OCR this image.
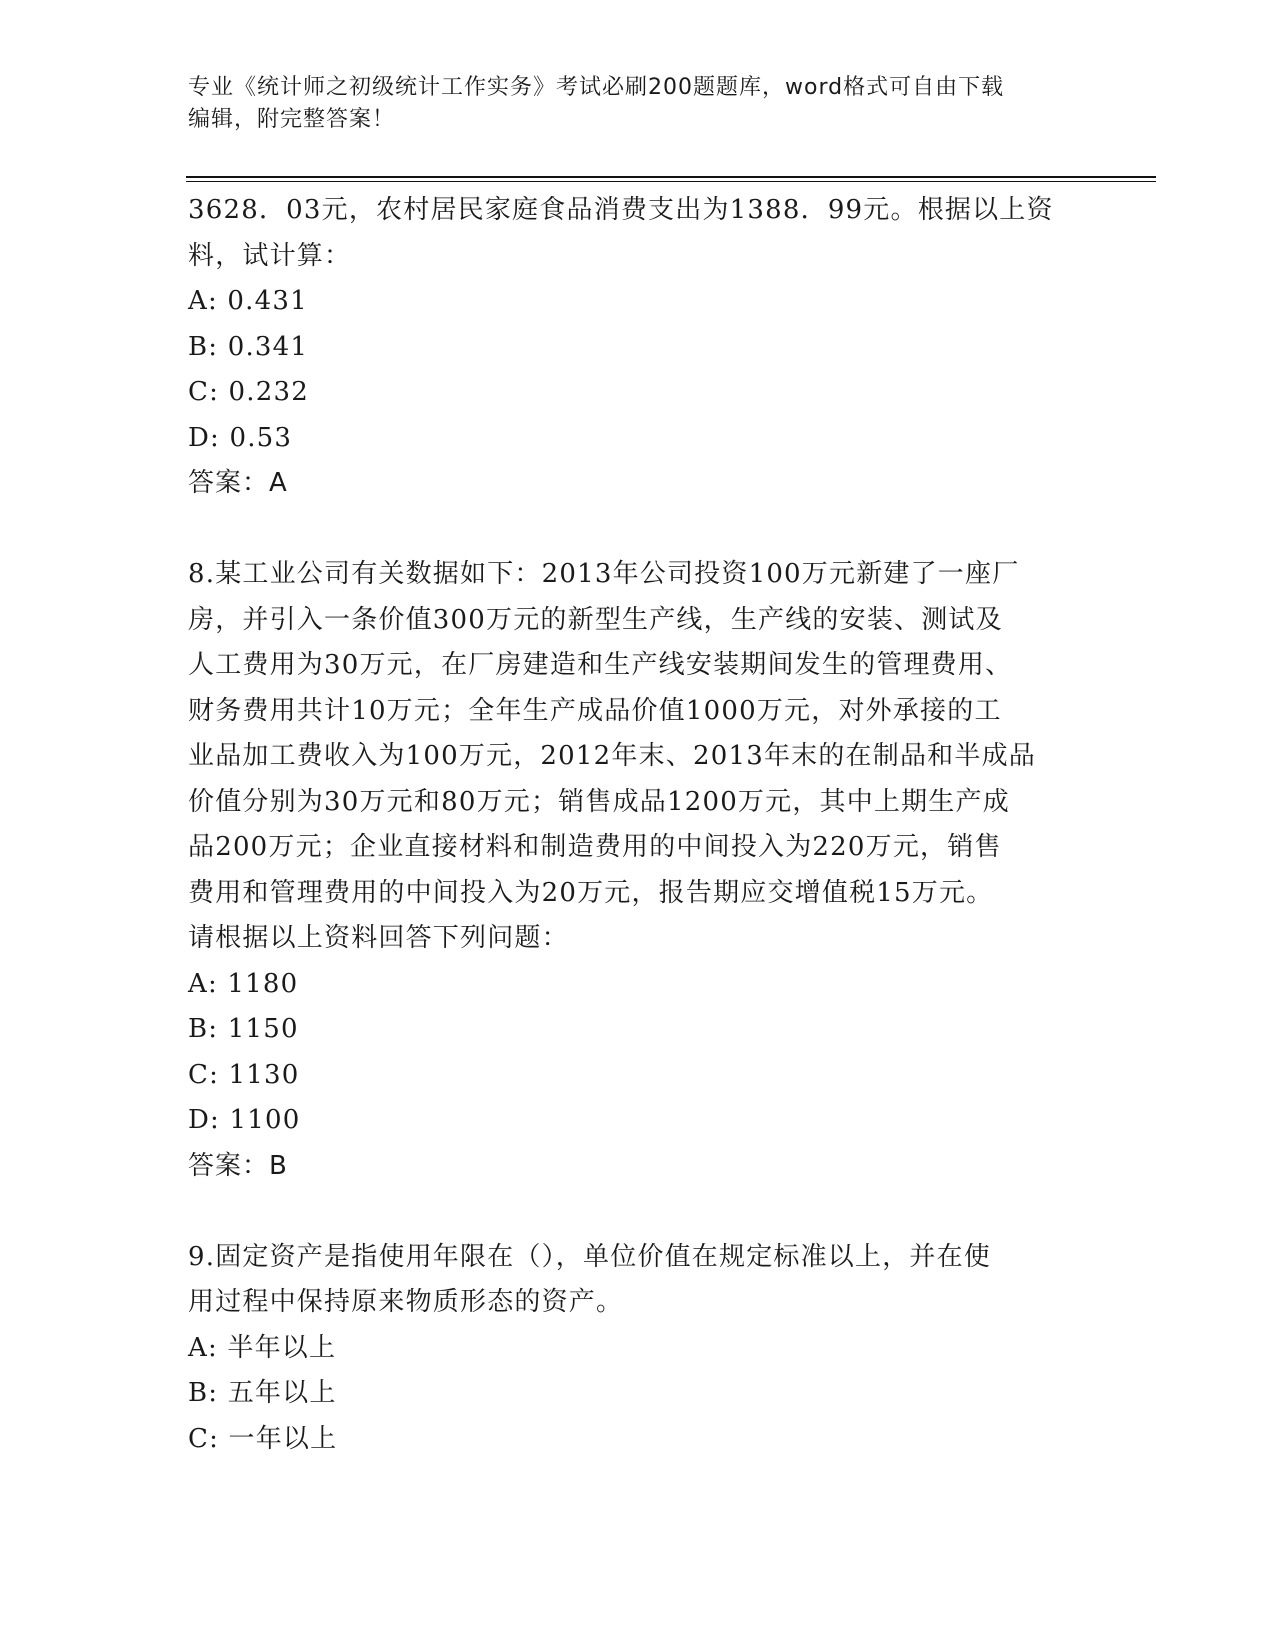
专业《统计师之初级统计工作实务》考试必刷200题题库，word格式可自由下载
编辑，附完整答案！

3628．03元，农村居民家庭食品消费支出为1388．99元。根据以上资

料，试计算：

A: 0.431

B: 0.341

C: 0.232

D: 0.53

答案：A

8.某工业公司有关数据如下：2013年公司投资100万元新建了一座厂

房，并引入一条价值300万元的新型生产线，生产线的安装、测试及

人工费用为30万元，在厂房建造和生产线安装期间发生的管理费用、

财务费用共计10万元；全年生产成品价值1000万元，对外承接的工

业品加工费收入为100万元，2012年末、2013年末的在制品和半成品

价值分别为30万元和80万元；销售成品1200万元，其中上期生产成

品200万元；企业直接材料和制造费用的中间投入为220万元，销售

费用和管理费用的中间投入为20万元，报告期应交增值税15万元。

请根据以上资料回答下列问题：

A: 1180

B: 1150

C: 1130

D: 1100

答案：B

9.固定资产是指使用年限在（），单位价值在规定标准以上，并在使

用过程中保持原来物质形态的资产。

A: 半年以上

B: 五年以上

C: 一年以上
